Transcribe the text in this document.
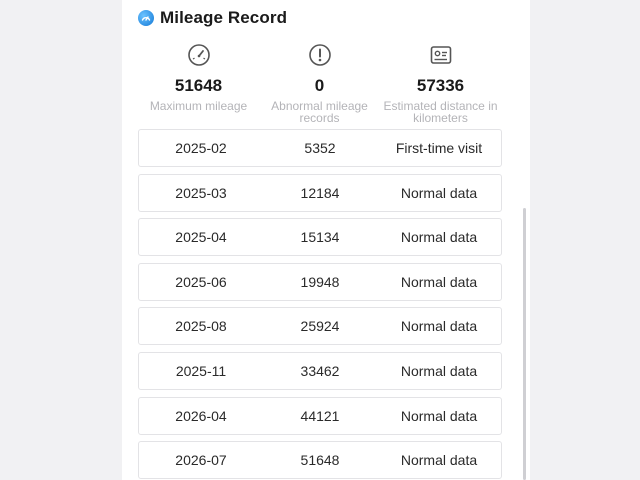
Mileage Record
51648
Maximum mileage
0
Abnormal mileage records
57336
Estimated distance in kilometers
2025-02	5352	First-time visit
2025-03	12184	Normal data
2025-04	15134	Normal data
2025-06	19948	Normal data
2025-08	25924	Normal data
2025-11	33462	Normal data
2026-04	44121	Normal data
2026-07	51648	Normal data
